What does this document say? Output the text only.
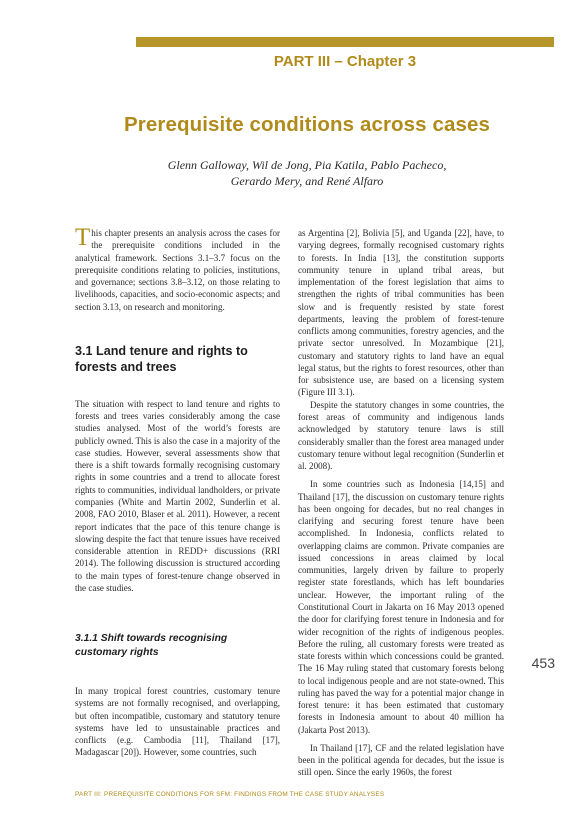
PART III – Chapter 3
Prerequisite conditions across cases
Glenn Galloway, Wil de Jong, Pia Katila, Pablo Pacheco,
Gerardo Mery, and René Alfaro

This chapter presents an analysis across the cases for the prerequisite conditions included in the analytical framework. Sections 3.1–3.7 focus on the prerequisite conditions relating to policies, institutions, and governance; sections 3.8–3.12, on those relating to livelihoods, capacities, and socio-economic aspects; and section 3.13, on research and monitoring.

3.1 Land tenure and rights to forests and trees

The situation with respect to land tenure and rights to forests and trees varies considerably among the case studies analysed. Most of the world’s forests are publicly owned. This is also the case in a majority of the case studies. However, several assessments show that there is a shift towards formally recognising customary rights in some countries and a trend to allocate forest rights to communities, individual landholders, or private companies (White and Martin 2002, Sunderlin et al. 2008, FAO 2010, Blaser et al. 2011). However, a recent report indicates that the pace of this tenure change is slowing despite the fact that tenure issues have received considerable attention in REDD+ discussions (RRI 2014). The following discussion is structured according to the main types of forest-tenure change observed in the case studies.

3.1.1 Shift towards recognising customary rights

In many tropical forest countries, customary tenure systems are not formally recognised, and overlapping, but often incompatible, customary and statutory tenure systems have led to unsustainable practices and conflicts (e.g. Cambodia [11], Thailand [17], Madagascar [20]). However, some countries, such

as Argentina [2], Bolivia [5], and Uganda [22], have, to varying degrees, formally recognised customary rights to forests. In India [13], the constitution supports community tenure in upland tribal areas, but implementation of the forest legislation that aims to strengthen the rights of tribal communities has been slow and is frequently resisted by state forest departments, leaving the problem of forest-tenure conflicts among communities, forestry agencies, and the private sector unresolved. In Mozambique [21], customary and statutory rights to land have an equal legal status, but the rights to forest resources, other than for subsistence use, are based on a licensing system (Figure III 3.1).

Despite the statutory changes in some countries, the forest areas of community and indigenous lands acknowledged by statutory tenure laws is still considerably smaller than the forest area managed under customary tenure without legal recognition (Sunderlin et al. 2008).

In some countries such as Indonesia [14,15] and Thailand [17], the discussion on customary tenure rights has been ongoing for decades, but no real changes in clarifying and securing forest tenure have been accomplished. In Indonesia, conflicts related to overlapping claims are common. Private companies are issued concessions in areas claimed by local communities, largely driven by failure to properly register state forestlands, which has left boundaries unclear. However, the important ruling of the Constitutional Court in Jakarta on 16 May 2013 opened the door for clarifying forest tenure in Indonesia and for wider recognition of the rights of indigenous peoples. Before the ruling, all customary forests were treated as state forests within which concessions could be granted. The 16 May ruling stated that customary forests belong to local indigenous people and are not state-owned. This ruling has paved the way for a potential major change in forest tenure: it has been estimated that customary forests in Indonesia amount to about 40 million ha (Jakarta Post 2013).

In Thailand [17], CF and the related legislation have been in the political agenda for decades, but the issue is still open. Since the early 1960s, the forest

453
PART III: PREREQUISITE CONDITIONS FOR SFM: FINDINGS FROM THE CASE STUDY ANALYSES
